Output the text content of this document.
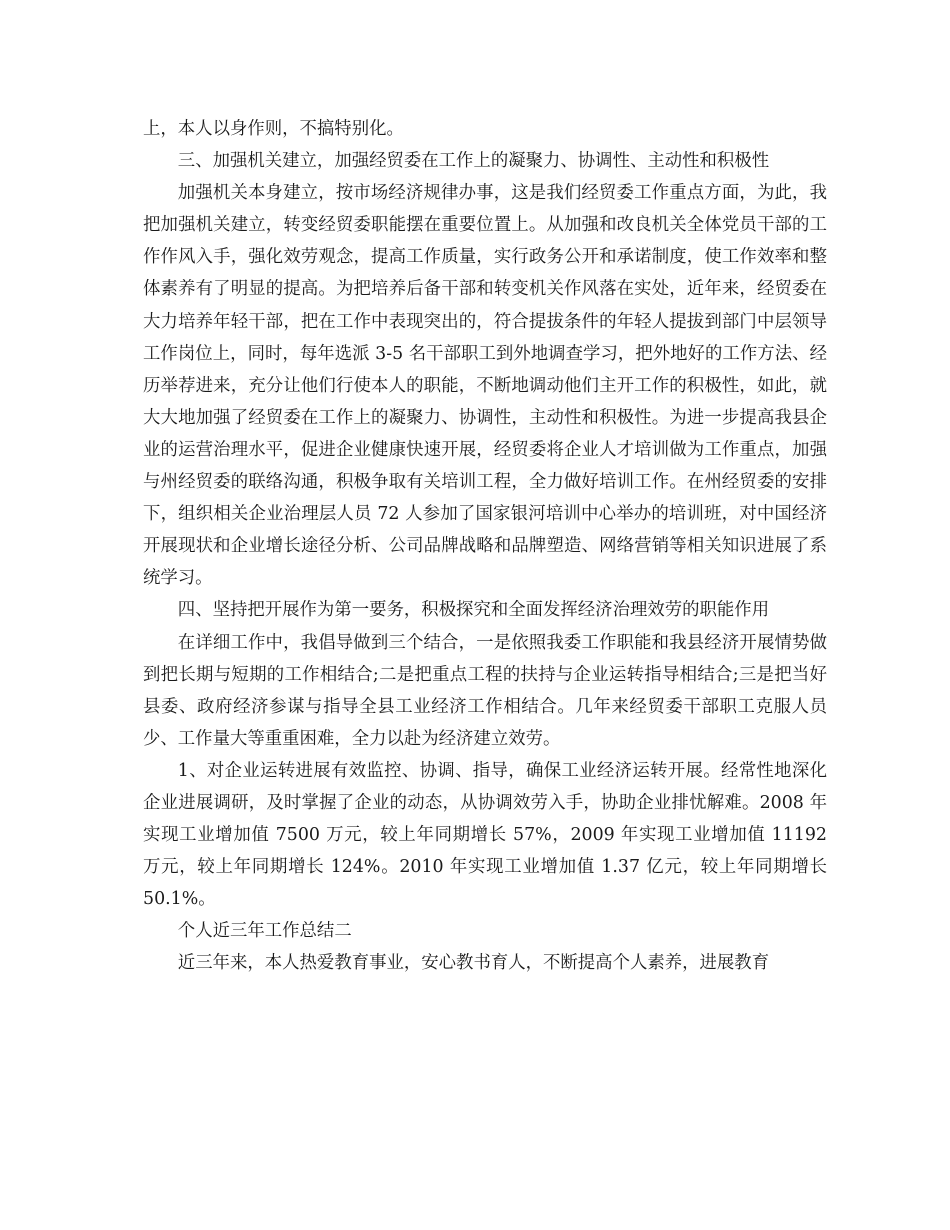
上，本人以身作则，不搞特别化。

三、加强机关建立，加强经贸委在工作上的凝聚力、协调性、主动性和积极性

加强机关本身建立，按市场经济规律办事，这是我们经贸委工作重点方面，为此，我把加强机关建立，转变经贸委职能摆在重要位置上。从加强和改良机关全体党员干部的工作作风入手，强化效劳观念，提高工作质量，实行政务公开和承诺制度，使工作效率和整体素养有了明显的提高。为把培养后备干部和转变机关作风落在实处，近年来，经贸委在大力培养年轻干部，把在工作中表现突出的，符合提拔条件的年轻人提拔到部门中层领导工作岗位上，同时，每年选派 3-5 名干部职工到外地调查学习，把外地好的工作方法、经历举荐进来，充分让他们行使本人的职能，不断地调动他们主开工作的积极性，如此，就大大地加强了经贸委在工作上的凝聚力、协调性，主动性和积极性。为进一步提高我县企业的运营治理水平，促进企业健康快速开展，经贸委将企业人才培训做为工作重点，加强与州经贸委的联络沟通，积极争取有关培训工程，全力做好培训工作。在州经贸委的安排下，组织相关企业治理层人员 72 人参加了国家银河培训中心举办的培训班，对中国经济开展现状和企业增长途径分析、公司品牌战略和品牌塑造、网络营销等相关知识进展了系统学习。

四、坚持把开展作为第一要务，积极探究和全面发挥经济治理效劳的职能作用

在详细工作中，我倡导做到三个结合，一是依照我委工作职能和我县经济开展情势做到把长期与短期的工作相结合;二是把重点工程的扶持与企业运转指导相结合;三是把当好县委、政府经济参谋与指导全县工业经济工作相结合。几年来经贸委干部职工克服人员少、工作量大等重重困难，全力以赴为经济建立效劳。

1、对企业运转进展有效监控、协调、指导，确保工业经济运转开展。经常性地深化企业进展调研，及时掌握了企业的动态，从协调效劳入手，协助企业排忧解难。2008 年实现工业增加值 7500 万元，较上年同期增长 57%，2009 年实现工业增加值 11192 万元，较上年同期增长 124%。2010 年实现工业增加值 1.37 亿元，较上年同期增长 50.1%。

个人近三年工作总结二

近三年来，本人热爱教育事业，安心教书育人，不断提高个人素养，进展教育
